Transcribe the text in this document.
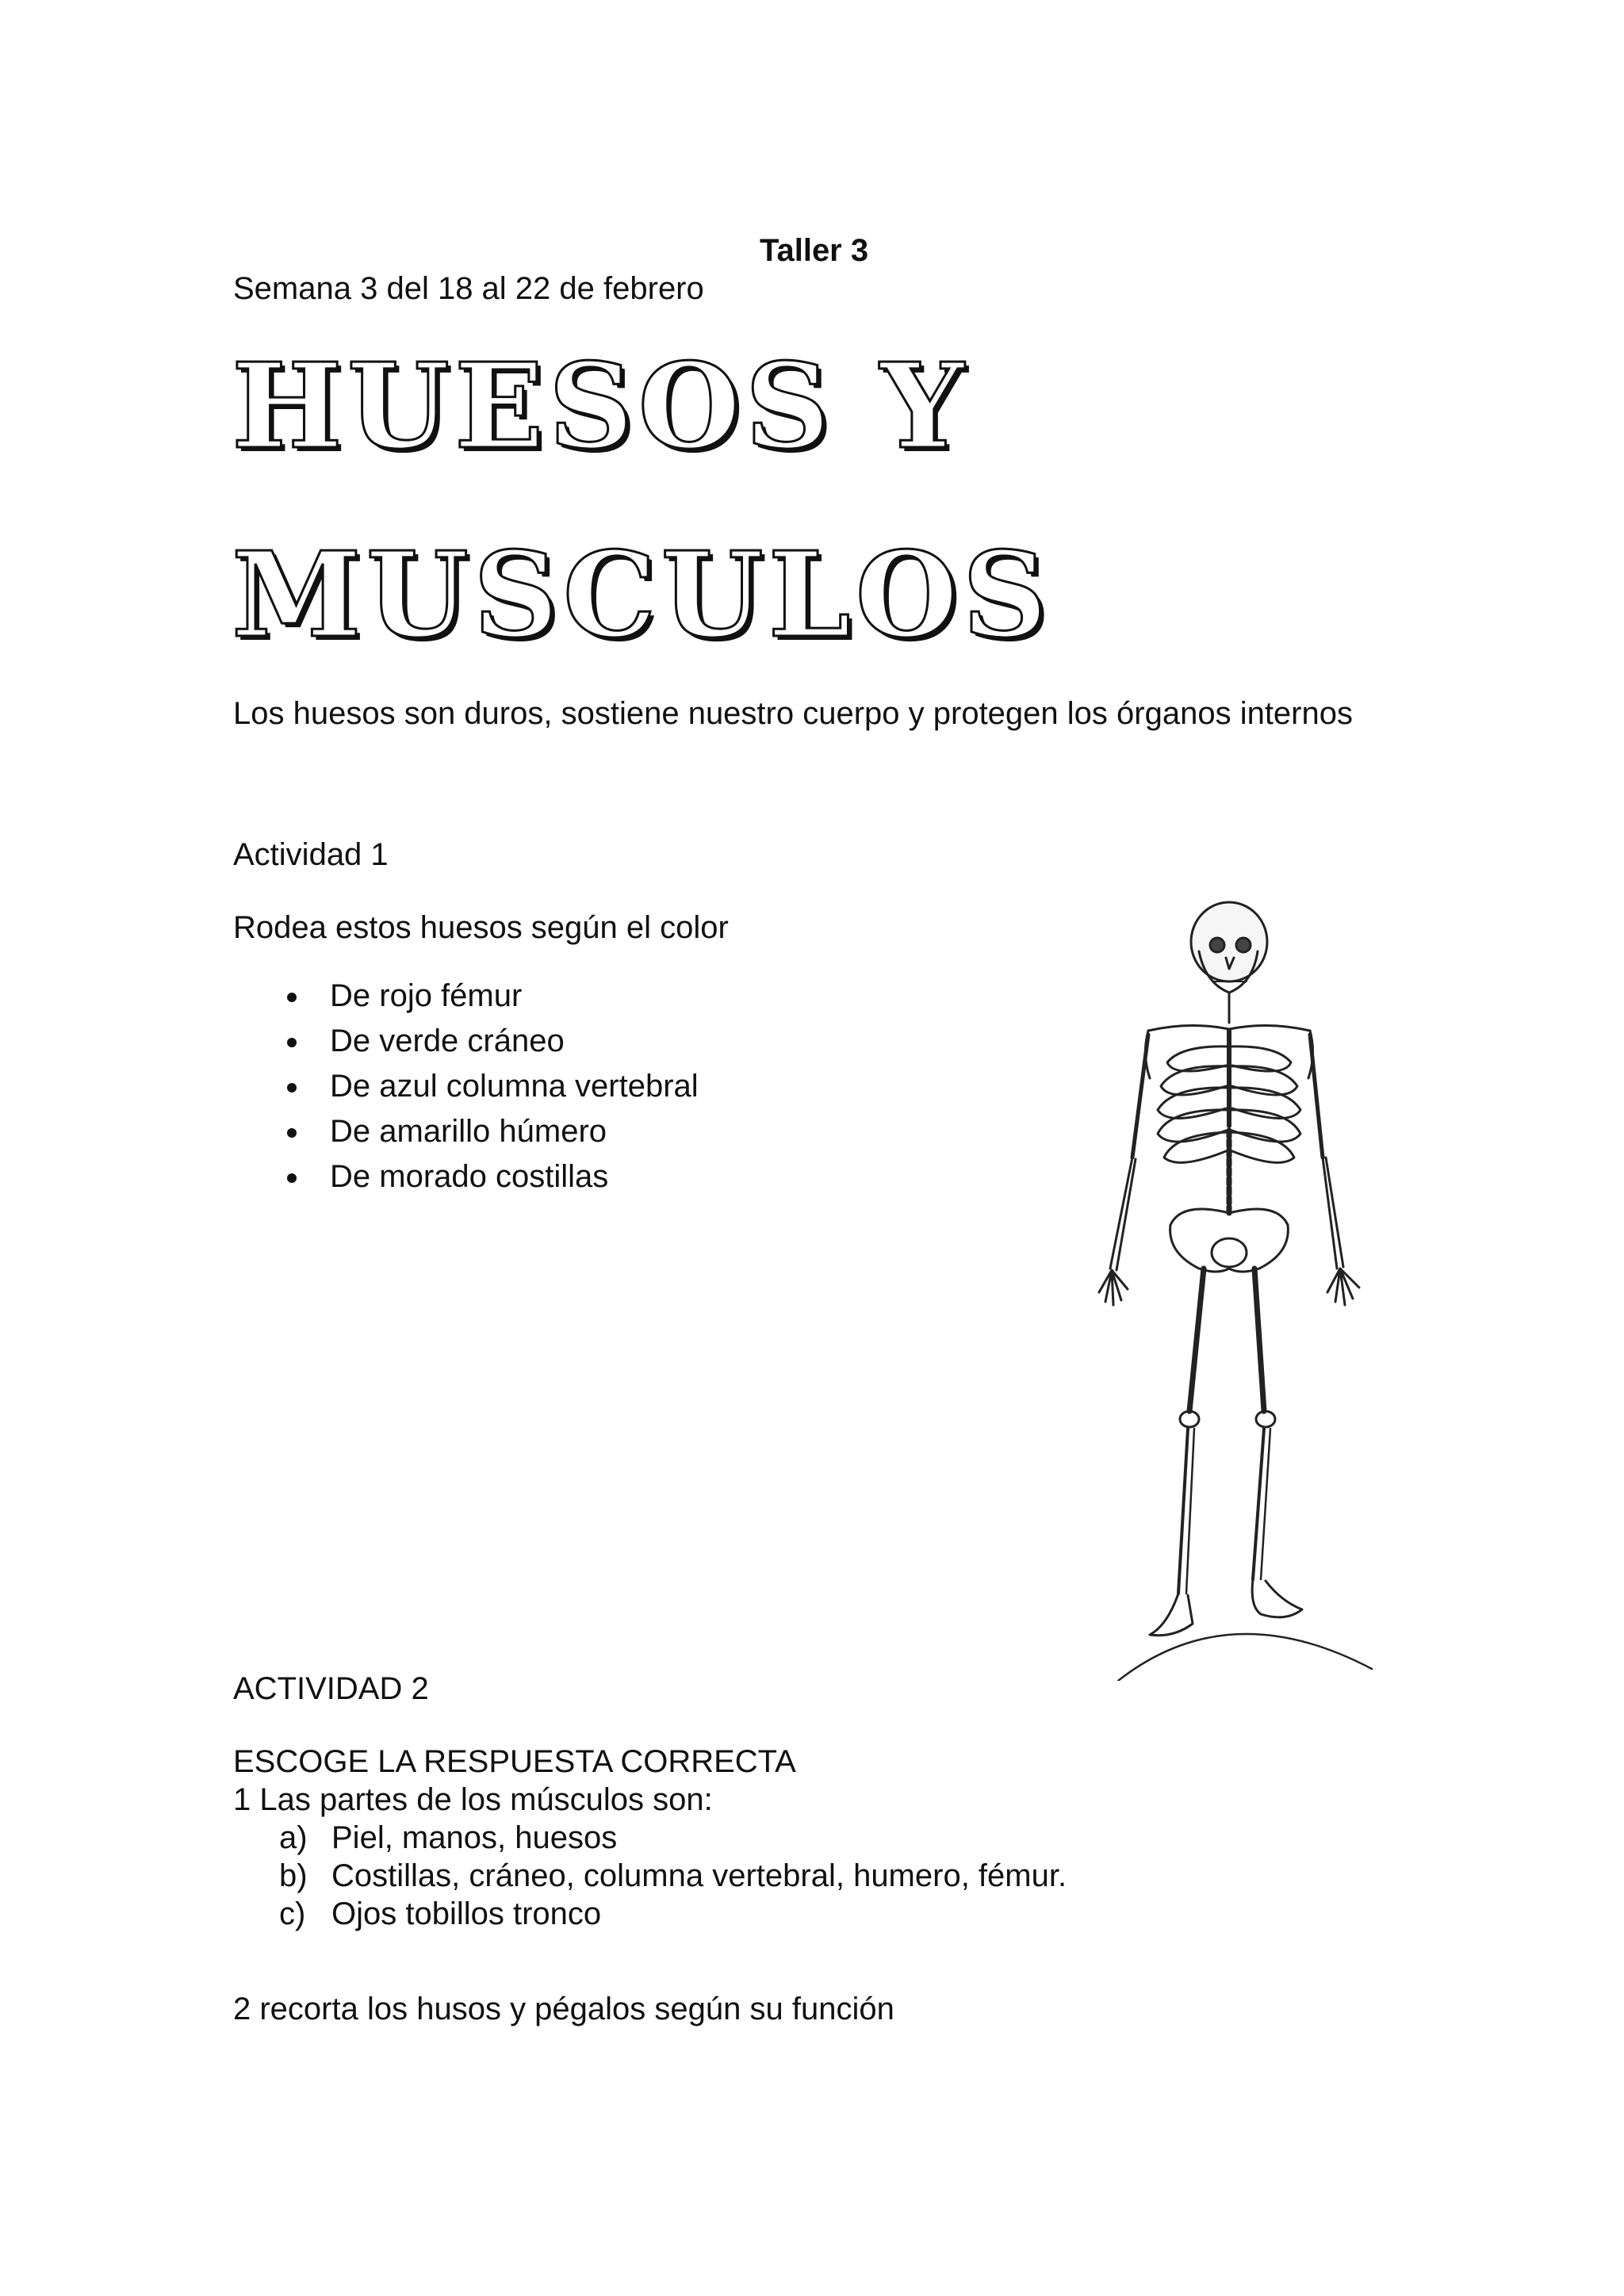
Taller 3
Semana 3 del 18 al 22 de febrero
HUESOS Y
MUSCULOS
Los huesos son duros, sostiene nuestro cuerpo y protegen los órganos internos
Actividad 1
Rodea estos huesos según el color
De rojo fémur
De verde cráneo
De azul columna vertebral
De amarillo húmero
De morado costillas
ACTIVIDAD 2
ESCOGE LA RESPUESTA CORRECTA
1 Las partes de los músculos son:
a) Piel, manos, huesos
b) Costillas, cráneo, columna vertebral, humero, fémur.
c) Ojos tobillos tronco
2 recorta los husos y pégalos según su función
